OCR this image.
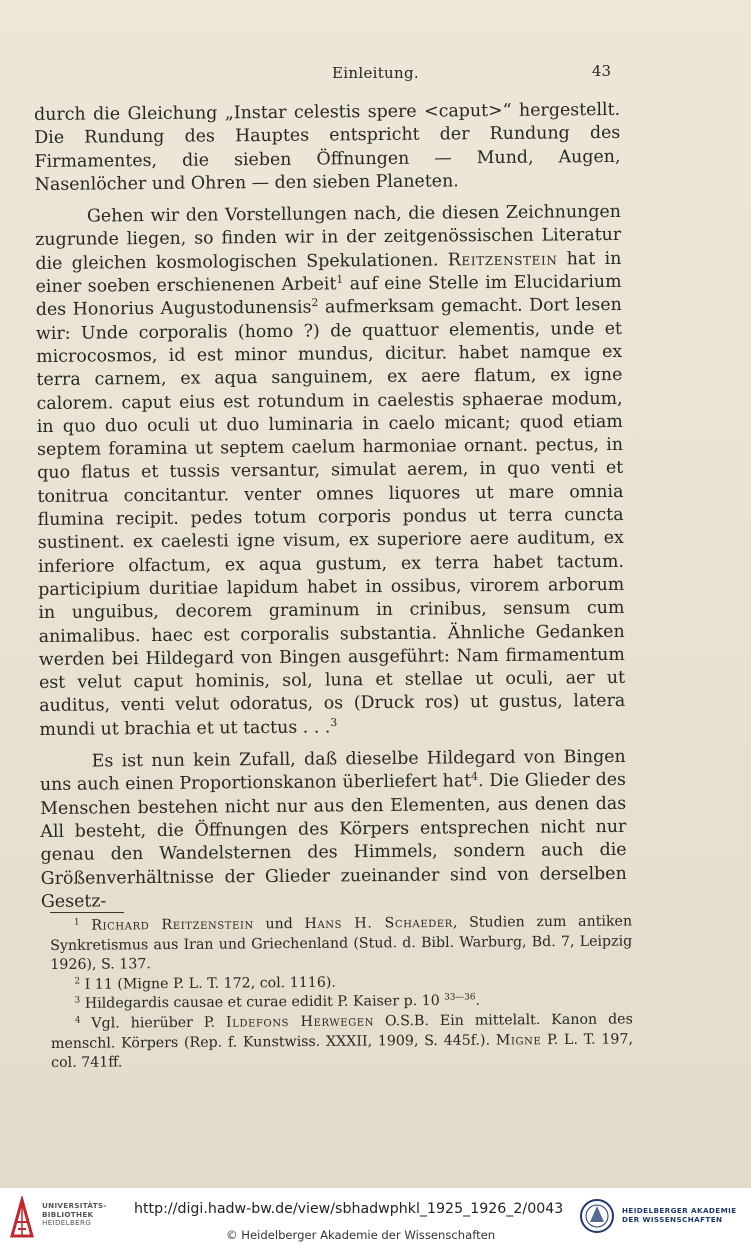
Einleitung.	43

durch die Gleichung „Instar celestis spere <caput>“ hergestellt. Die Rundung des Hauptes entspricht der Rundung des Firmamentes, die sieben Öffnungen — Mund, Augen, Nasenlöcher und Ohren — den sieben Planeten.

Gehen wir den Vorstellungen nach, die diesen Zeichnungen zugrunde liegen, so finden wir in der zeitgenössischen Literatur die gleichen kosmologischen Spekulationen. Reitzenstein hat in einer soeben erschienenen Arbeit$^1$ auf eine Stelle im Elucidarium des Honorius Augustodunensis$^2$ aufmerksam gemacht. Dort lesen wir: Unde corporalis (homo ?) de quattuor elementis, unde et microcosmos, id est minor mundus, dicitur. habet namque ex terra carnem, ex aqua sanguinem, ex aere flatum, ex igne calorem. caput eius est rotundum in caelestis sphaerae modum, in quo duo oculi ut duo luminaria in caelo micant; quod etiam septem foramina ut septem caelum harmoniae ornant. pectus, in quo flatus et tussis versantur, simulat aerem, in quo venti et tonitrua concitantur. venter omnes liquores ut mare omnia flumina recipit. pedes totum corporis pondus ut terra cuncta sustinent. ex caelesti igne visum, ex superiore aere auditum, ex inferiore olfactum, ex aqua gustum, ex terra habet tactum. participium duritiae lapidum habet in ossibus, virorem arborum in unguibus, decorem graminum in crinibus, sensum cum animalibus. haec est corporalis substantia. Ähnliche Gedanken werden bei Hildegard von Bingen ausgeführt: Nam firmamentum est velut caput hominis, sol, luna et stellae ut oculi, aer ut auditus, venti velut odoratus, os (Druck ros) ut gustus, latera mundi ut brachia et ut tactus . . .$^3$

Es ist nun kein Zufall, daß dieselbe Hildegard von Bingen uns auch einen Proportionskanon überliefert hat$^4$. Die Glieder des Menschen bestehen nicht nur aus den Elementen, aus denen das All besteht, die Öffnungen des Körpers entsprechen nicht nur genau den Wandelsternen des Himmels, sondern auch die Größenverhältnisse der Glieder zueinander sind von derselben Gesetz-

$^1$ Richard Reitzenstein und Hans H. Schaeder, Studien zum antiken Synkretismus aus Iran und Griechenland (Stud. d. Bibl. Warburg, Bd. 7, Leipzig 1926), S. 137.

$^2$ I 11 (Migne P. L. T. 172, col. 1116).

$^3$ Hildegardis causae et curae edidit P. Kaiser p. 10 $^{33—36}$.

$^4$ Vgl. hierüber P. Ildefons Herwegen O.S.B. Ein mittelalt. Kanon des menschl. Körpers (Rep. f. Kunstwiss. XXXII, 1909, S. 445f.). Migne P. L. T. 197, col. 741ff.

UNIVERSITÄTS-
BIBLIOTHEK
HEIDELBERG
http://digi.hadw-bw.de/view/sbhadwphkl_1925_1926_2/0043
© Heidelberger Akademie der Wissenschaften
HEIDELBERGER AKADEMIE
DER WISSENSCHAFTEN
